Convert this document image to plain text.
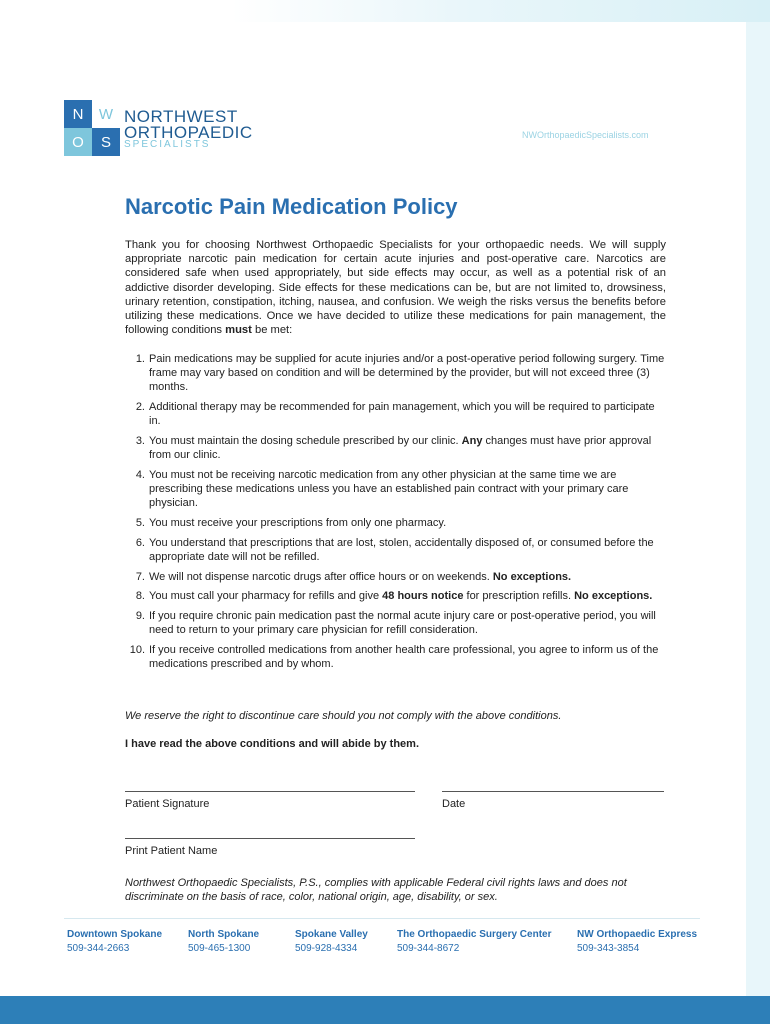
N	W
O	S
NORTHWEST
ORTHOPAEDIC
SPECIALISTS
NWOrthopaedicSpecialists.com
Narcotic Pain Medication Policy

Thank you for choosing Northwest Orthopaedic Specialists for your orthopaedic needs. We will supply appropriate narcotic pain medication for certain acute injuries and post-operative care. Narcotics are considered safe when used appropriately, but side effects may occur, as well as a potential risk of an addictive disorder developing. Side effects for these medications can be, but are not limited to, drowsiness, urinary retention, constipation, itching, nausea, and confusion. We weigh the risks versus the benefits before utilizing these medications. Once we have decided to utilize these medications for pain management, the following conditions must be met:

1. Pain medications may be supplied for acute injuries and/or a post-operative period following surgery. Time frame may vary based on condition and will be determined by the provider, but will not exceed three (3) months.
2. Additional therapy may be recommended for pain management, which you will be required to participate in.
3. You must maintain the dosing schedule prescribed by our clinic. Any changes must have prior approval from our clinic.
4. You must not be receiving narcotic medication from any other physician at the same time we are prescribing these medications unless you have an established pain contract with your primary care physician.
5. You must receive your prescriptions from only one pharmacy.
6. You understand that prescriptions that are lost, stolen, accidentally disposed of, or consumed before the appropriate date will not be refilled.
7. We will not dispense narcotic drugs after office hours or on weekends. No exceptions.
8. You must call your pharmacy for refills and give 48 hours notice for prescription refills. No exceptions.
9. If you require chronic pain medication past the normal acute injury care or post-operative period, you will need to return to your primary care physician for refill consideration.
10. If you receive controlled medications from another health care professional, you agree to inform us of the medications prescribed and by whom.

We reserve the right to discontinue care should you not comply with the above conditions.

I have read the above conditions and will abide by them.

Patient Signature	Date
Print Patient Name

Northwest Orthopaedic Specialists, P.S., complies with applicable Federal civil rights laws and does not discriminate on the basis of race, color, national origin, age, disability, or sex.

Downtown Spokane
509-344-2663
North Spokane
509-465-1300
Spokane Valley
509-928-4334
The Orthopaedic Surgery Center
509-344-8672
NW Orthopaedic Express
509-343-3854
